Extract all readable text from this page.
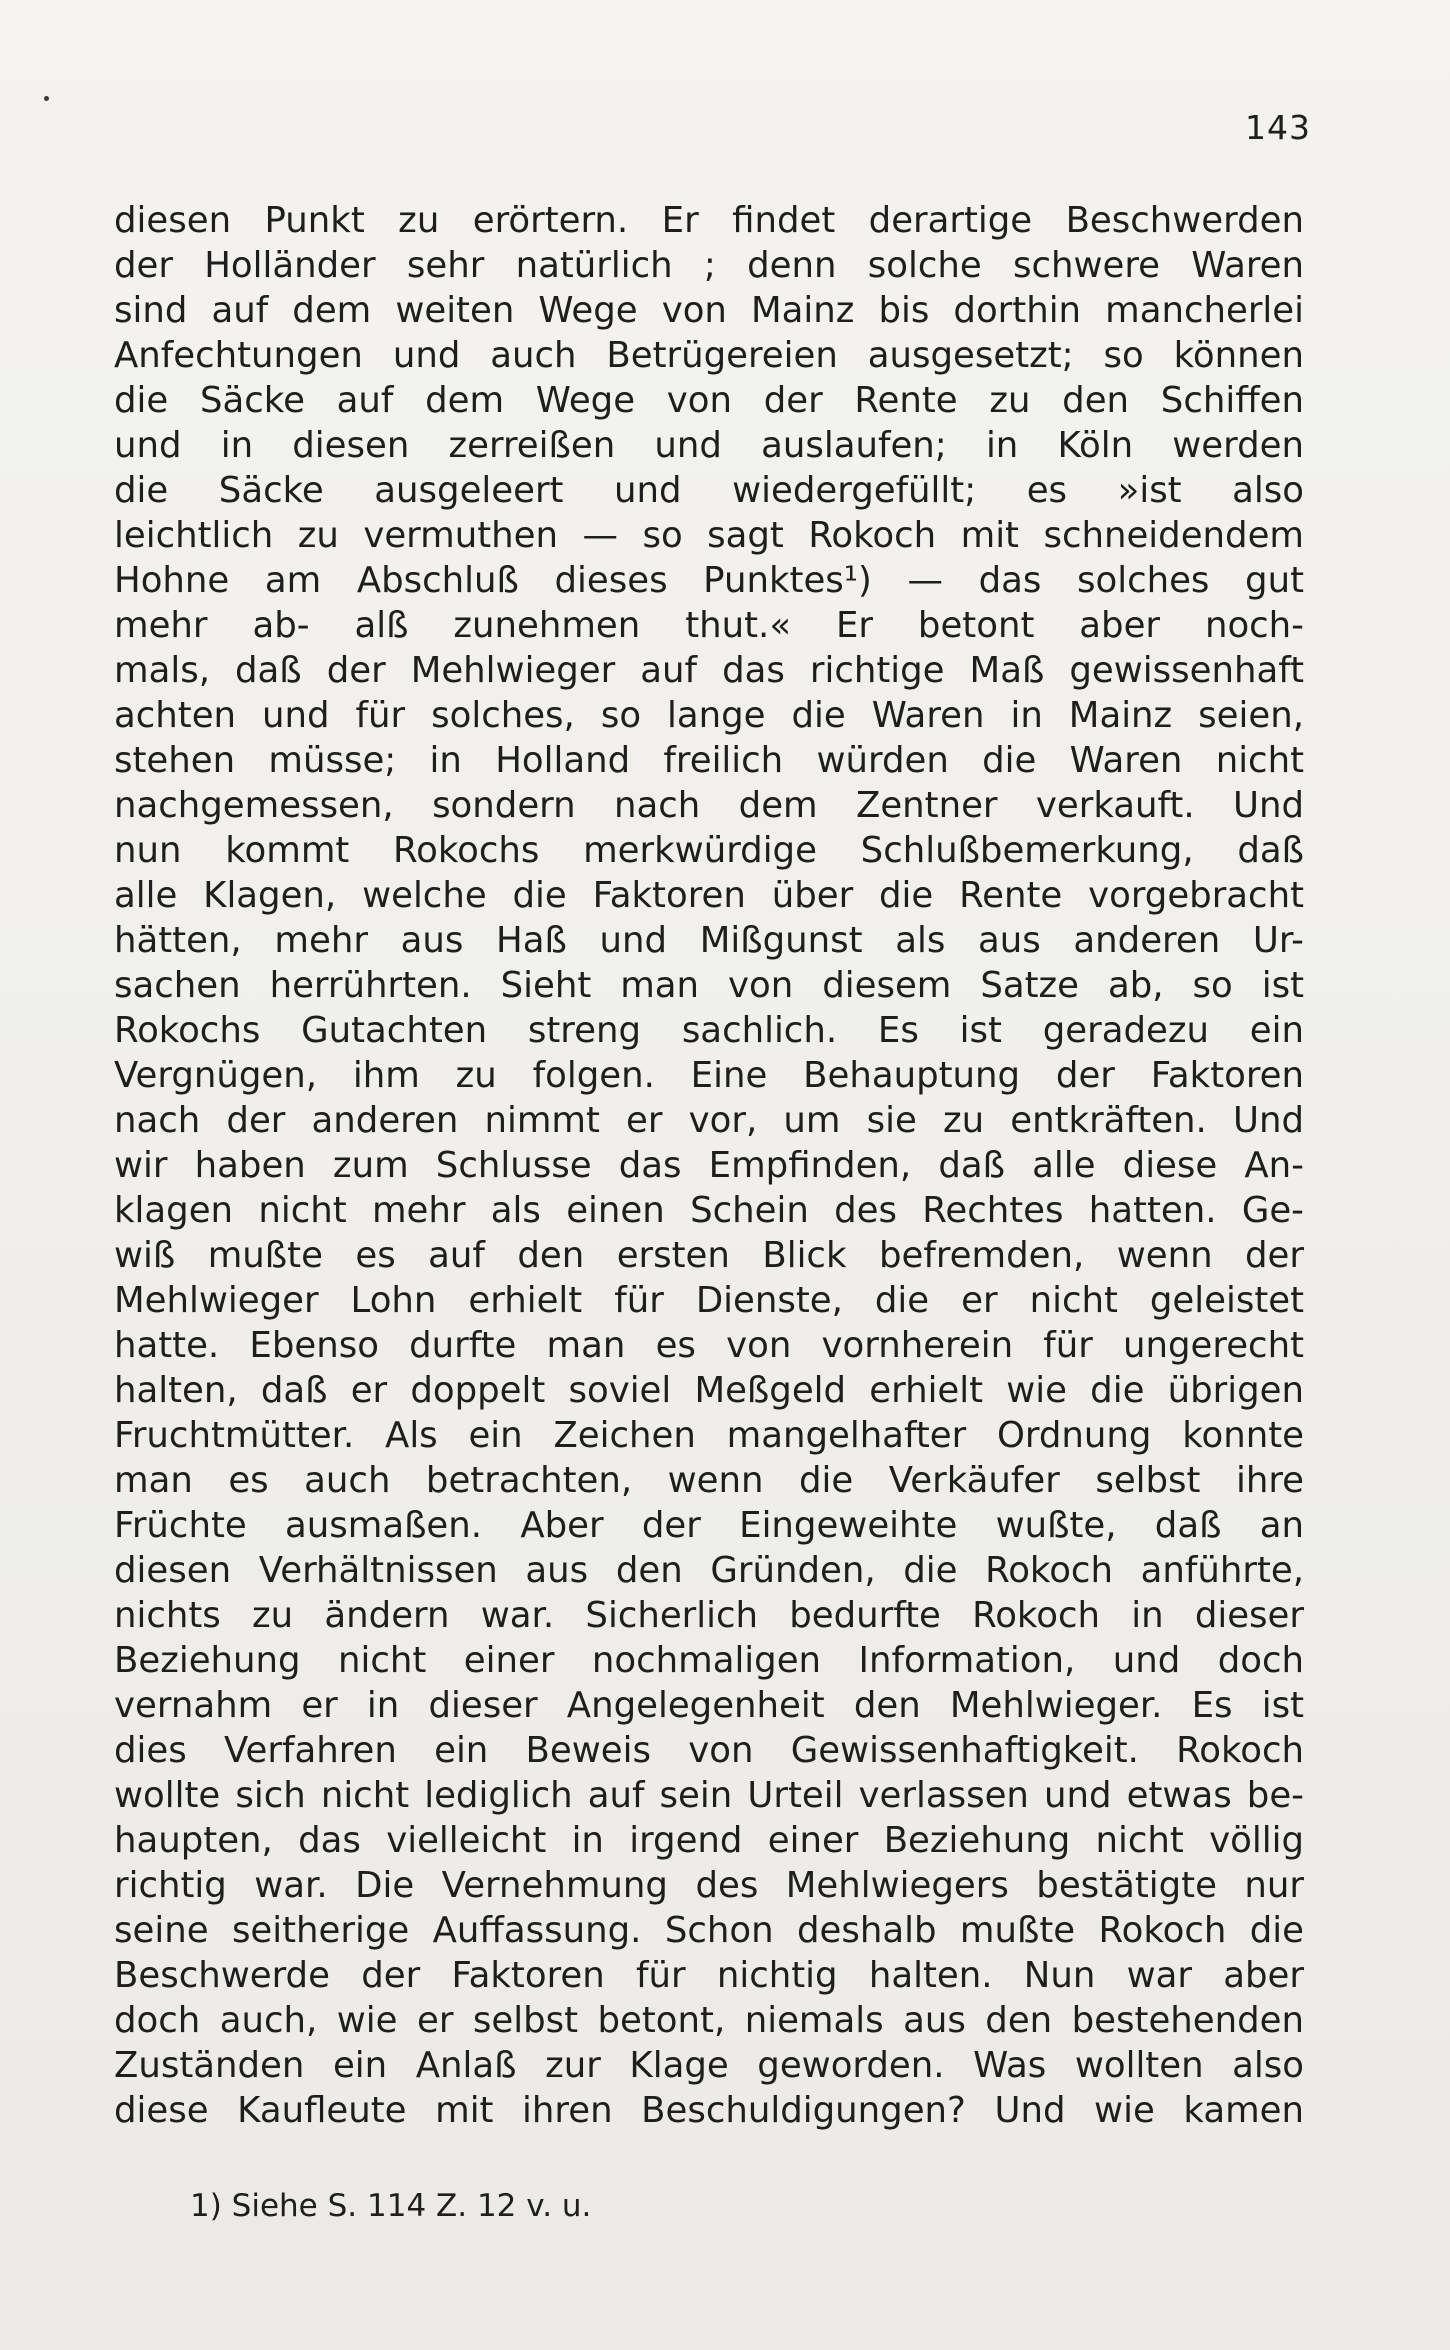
143
diesen Punkt zu erörtern. Er findet derartige Beschwerden
der Holländer sehr natürlich ; denn solche schwere Waren
sind auf dem weiten Wege von Mainz bis dorthin mancherlei
Anfechtungen und auch Betrügereien ausgesetzt; so können
die Säcke auf dem Wege von der Rente zu den Schiffen
und in diesen zerreißen und auslaufen; in Köln werden
die Säcke ausgeleert und wiedergefüllt; es »ist also
leichtlich zu vermuthen — so sagt Rokoch mit schneidendem
Hohne am Abschluß dieses Punktes¹) — das solches gut
mehr ab- alß zunehmen thut.« Er betont aber noch-
mals, daß der Mehlwieger auf das richtige Maß gewissenhaft
achten und für solches, so lange die Waren in Mainz seien,
stehen müsse; in Holland freilich würden die Waren nicht
nachgemessen, sondern nach dem Zentner verkauft. Und
nun kommt Rokochs merkwürdige Schlußbemerkung, daß
alle Klagen, welche die Faktoren über die Rente vorgebracht
hätten, mehr aus Haß und Mißgunst als aus anderen Ur-
sachen herrührten. Sieht man von diesem Satze ab, so ist
Rokochs Gutachten streng sachlich. Es ist geradezu ein
Vergnügen, ihm zu folgen. Eine Behauptung der Faktoren
nach der anderen nimmt er vor, um sie zu entkräften. Und
wir haben zum Schlusse das Empfinden, daß alle diese An-
klagen nicht mehr als einen Schein des Rechtes hatten. Ge-
wiß mußte es auf den ersten Blick befremden, wenn der
Mehlwieger Lohn erhielt für Dienste, die er nicht geleistet
hatte. Ebenso durfte man es von vornherein für ungerecht
halten, daß er doppelt soviel Meßgeld erhielt wie die übrigen
Fruchtmütter. Als ein Zeichen mangelhafter Ordnung konnte
man es auch betrachten, wenn die Verkäufer selbst ihre
Früchte ausmaßen. Aber der Eingeweihte wußte, daß an
diesen Verhältnissen aus den Gründen, die Rokoch anführte,
nichts zu ändern war. Sicherlich bedurfte Rokoch in dieser
Beziehung nicht einer nochmaligen Information, und doch
vernahm er in dieser Angelegenheit den Mehlwieger. Es ist
dies Verfahren ein Beweis von Gewissenhaftigkeit. Rokoch
wollte sich nicht lediglich auf sein Urteil verlassen und etwas be-
haupten, das vielleicht in irgend einer Beziehung nicht völlig
richtig war. Die Vernehmung des Mehlwiegers bestätigte nur
seine seitherige Auffassung. Schon deshalb mußte Rokoch die
Beschwerde der Faktoren für nichtig halten. Nun war aber
doch auch, wie er selbst betont, niemals aus den bestehenden
Zuständen ein Anlaß zur Klage geworden. Was wollten also
diese Kaufleute mit ihren Beschuldigungen? Und wie kamen
1) Siehe S. 114 Z. 12 v. u.
